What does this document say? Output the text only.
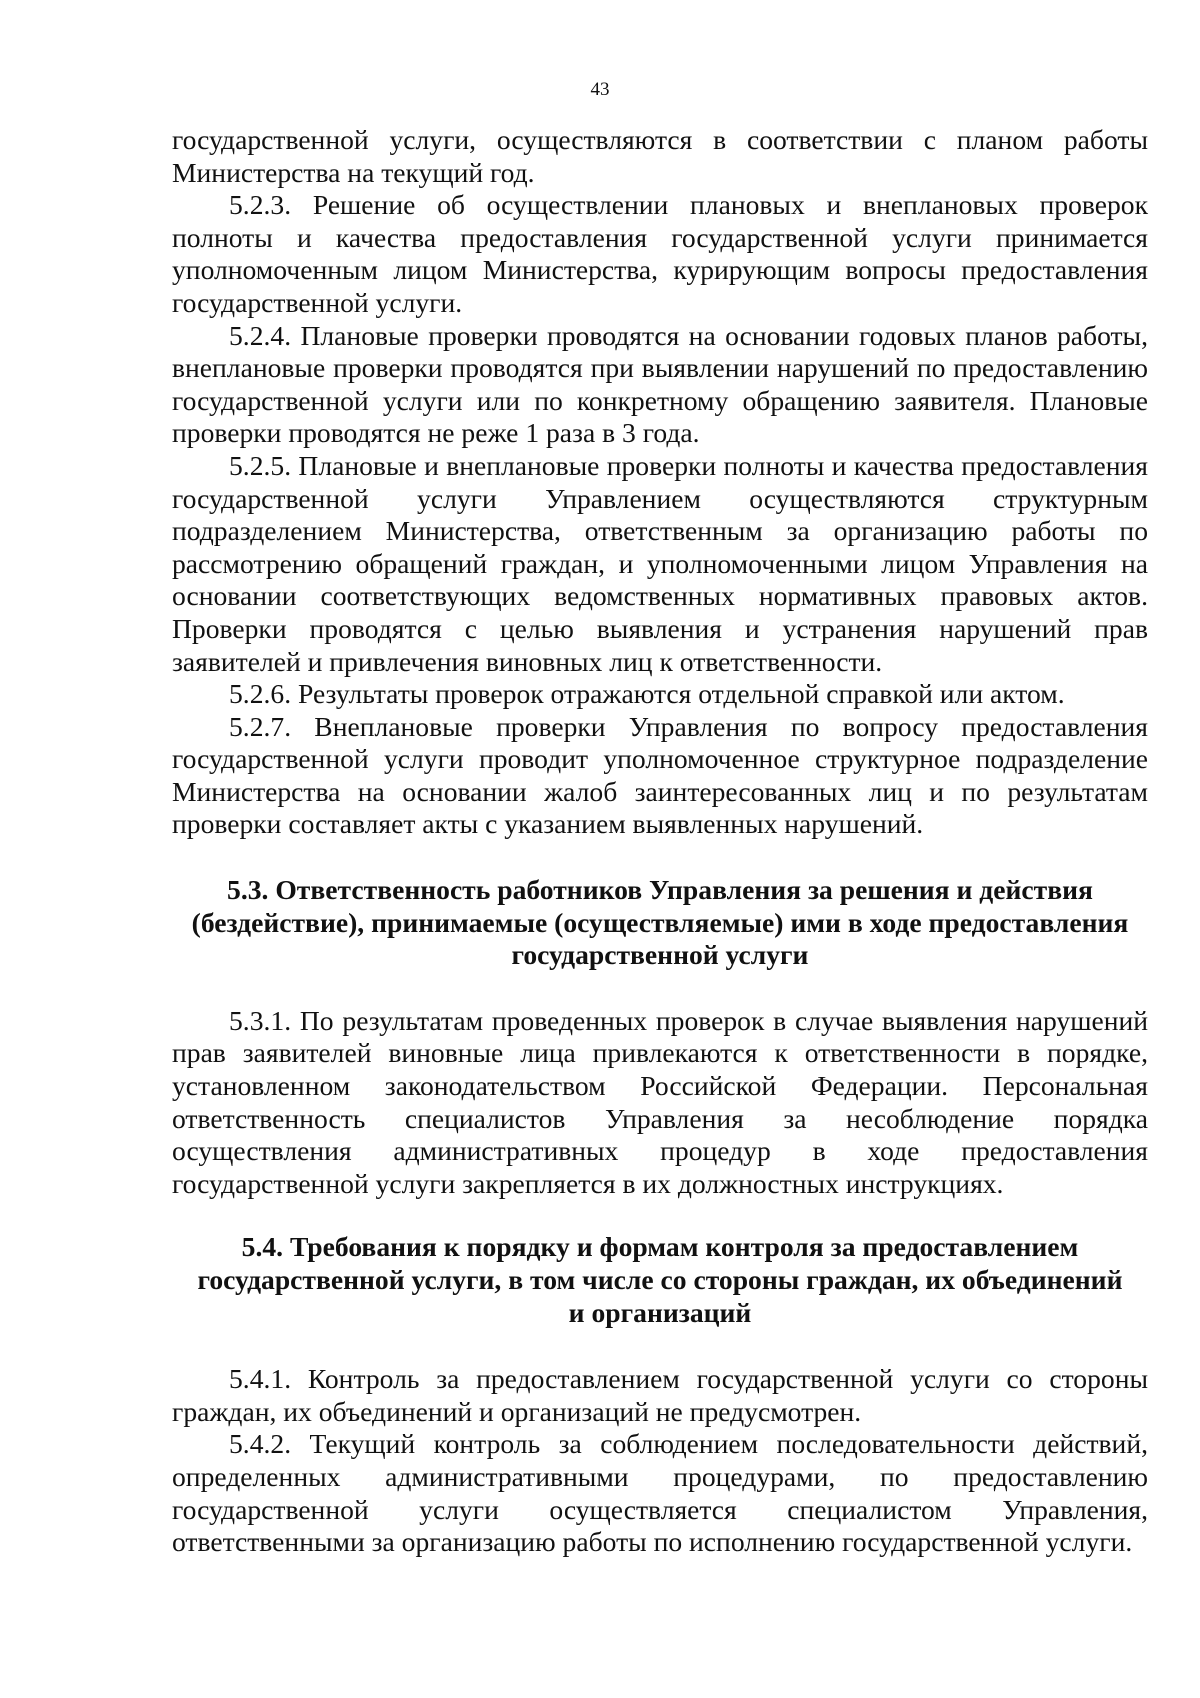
43

государственной услуги, осуществляются в соответствии с планом работы Министерства на текущий год.

5.2.3. Решение об осуществлении плановых и внеплановых проверок полноты и качества предоставления государственной услуги принимается уполномоченным лицом Министерства, курирующим вопросы предоставления государственной услуги.

5.2.4. Плановые проверки проводятся на основании годовых планов работы, внеплановые проверки проводятся при выявлении нарушений по предоставлению государственной услуги или по конкретному обращению заявителя. Плановые проверки проводятся не реже 1 раза в 3 года.

5.2.5. Плановые и внеплановые проверки полноты и качества предоставления государственной услуги Управлением осуществляются структурным подразделением Министерства, ответственным за организацию работы по рассмотрению обращений граждан, и уполномоченными лицом Управления на основании соответствующих ведомственных нормативных правовых актов. Проверки проводятся с целью выявления и устранения нарушений прав заявителей и привлечения виновных лиц к ответственности.

5.2.6. Результаты проверок отражаются отдельной справкой или актом.

5.2.7. Внеплановые проверки Управления по вопросу предоставления государственной услуги проводит уполномоченное структурное подразделение Министерства на основании жалоб заинтересованных лиц и по результатам проверки составляет акты с указанием выявленных нарушений.

5.3. Ответственность работников Управления за решения и действия
(бездействие), принимаемые (осуществляемые) ими в ходе предоставления
государственной услуги

5.3.1. По результатам проведенных проверок в случае выявления нарушений прав заявителей виновные лица привлекаются к ответственности в порядке, установленном законодательством Российской Федерации. Персональная ответственность специалистов Управления за несоблюдение порядка осуществления административных процедур в ходе предоставления государственной услуги закрепляется в их должностных инструкциях.

5.4. Требования к порядку и формам контроля за предоставлением
государственной услуги, в том числе со стороны граждан, их объединений
и организаций

5.4.1. Контроль за предоставлением государственной услуги со стороны граждан, их объединений и организаций не предусмотрен.

5.4.2. Текущий контроль за соблюдением последовательности действий, определенных административными процедурами, по предоставлению государственной услуги осуществляется специалистом Управления, ответственными за организацию работы по исполнению государственной услуги.
